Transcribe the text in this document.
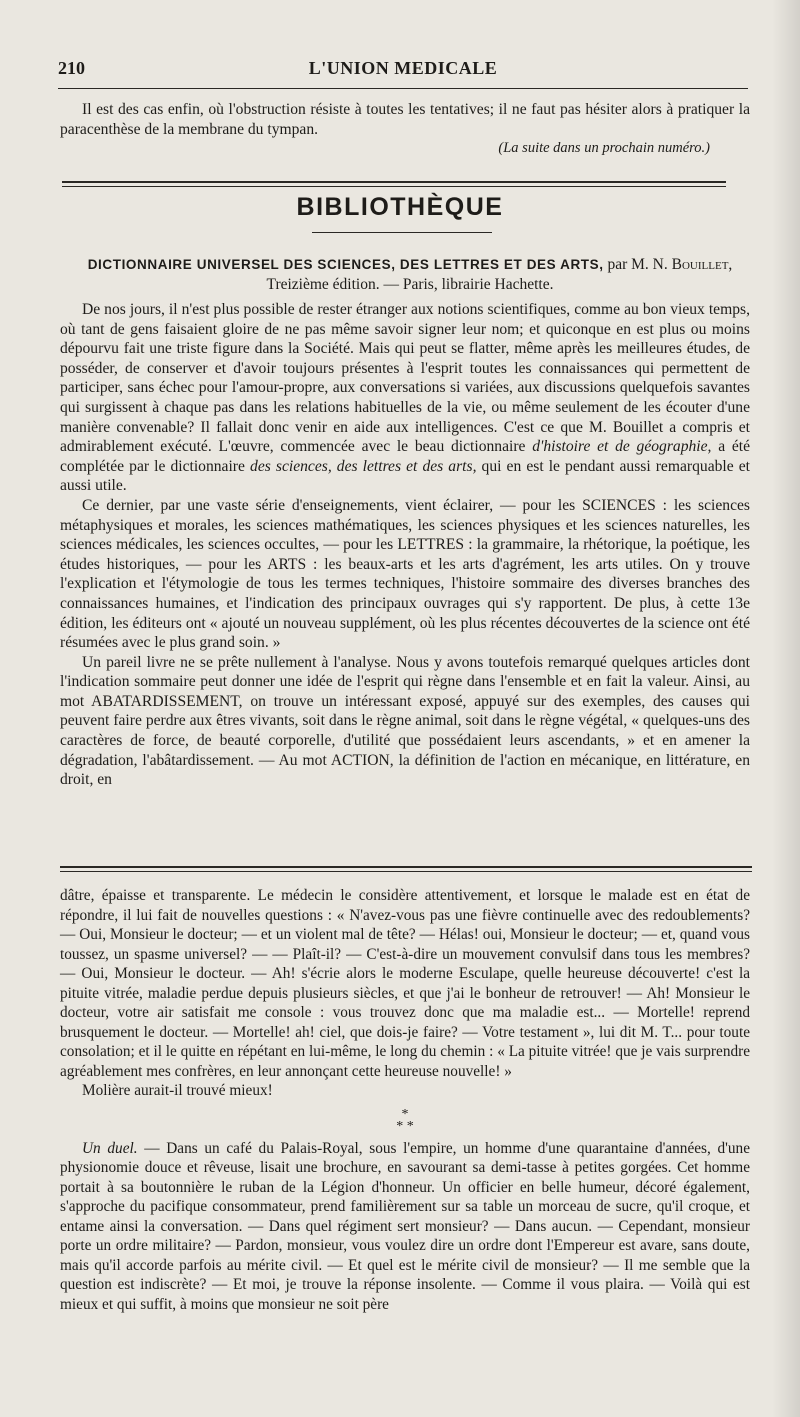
210	L'UNION MEDICALE

Il est des cas enfin, où l'obstruction résiste à toutes les tentatives; il ne faut pas hésiter alors à pratiquer la paracenthèse de la membrane du tympan.

(La suite dans un prochain numéro.)

BIBLIOTHÈQUE
DICTIONNAIRE UNIVERSEL DES SCIENCES, DES LETTRES ET DES ARTS, par M. N. Bouillet,
Treizième édition. — Paris, librairie Hachette.

De nos jours, il n'est plus possible de rester étranger aux notions scientifiques, comme au bon vieux temps, où tant de gens faisaient gloire de ne pas même savoir signer leur nom; et quiconque en est plus ou moins dépourvu fait une triste figure dans la Société. Mais qui peut se flatter, même après les meilleures études, de posséder, de conserver et d'avoir toujours présentes à l'esprit toutes les connaissances qui permettent de participer, sans échec pour l'amour-propre, aux conversations si variées, aux discussions quelquefois savantes qui surgissent à chaque pas dans les relations habituelles de la vie, ou même seulement de les écouter d'une manière convenable? Il fallait donc venir en aide aux intelligences. C'est ce que M. Bouillet a compris et admirablement exécuté. L'œuvre, commencée avec le beau dictionnaire d'histoire et de géographie, a été complétée par le dictionnaire des sciences, des lettres et des arts, qui en est le pendant aussi remarquable et aussi utile.

Ce dernier, par une vaste série d'enseignements, vient éclairer, — pour les SCIENCES : les sciences métaphysiques et morales, les sciences mathématiques, les sciences physiques et les sciences naturelles, les sciences médicales, les sciences occultes, — pour les LETTRES : la grammaire, la rhétorique, la poétique, les études historiques, — pour les ARTS : les beaux-arts et les arts d'agrément, les arts utiles. On y trouve l'explication et l'étymologie de tous les termes techniques, l'histoire sommaire des diverses branches des connaissances humaines, et l'indication des principaux ouvrages qui s'y rapportent. De plus, à cette 13e édition, les éditeurs ont « ajouté un nouveau supplément, où les plus récentes découvertes de la science ont été résumées avec le plus grand soin. »

Un pareil livre ne se prête nullement à l'analyse. Nous y avons toutefois remarqué quelques articles dont l'indication sommaire peut donner une idée de l'esprit qui règne dans l'ensemble et en fait la valeur. Ainsi, au mot ABATARDISSEMENT, on trouve un intéressant exposé, appuyé sur des exemples, des causes qui peuvent faire perdre aux êtres vivants, soit dans le règne animal, soit dans le règne végétal, « quelques-uns des caractères de force, de beauté corporelle, d'utilité que possédaient leurs ascendants, » et en amener la dégradation, l'abâtardissement. — Au mot ACTION, la définition de l'action en mécanique, en littérature, en droit, en

dâtre, épaisse et transparente. Le médecin le considère attentivement, et lorsque le malade est en état de répondre, il lui fait de nouvelles questions : « N'avez-vous pas une fièvre continuelle avec des redoublements? — Oui, Monsieur le docteur; — et un violent mal de tête? — Hélas! oui, Monsieur le docteur; — et, quand vous toussez, un spasme universel? — — Plaît-il? — C'est-à-dire un mouvement convulsif dans tous les membres? — Oui, Monsieur le docteur. — Ah! s'écrie alors le moderne Esculape, quelle heureuse découverte! c'est la pituite vitrée, maladie perdue depuis plusieurs siècles, et que j'ai le bonheur de retrouver! — Ah! Monsieur le docteur, votre air satisfait me console : vous trouvez donc que ma maladie est... — Mortelle! reprend brusquement le docteur. — Mortelle! ah! ciel, que dois-je faire? — Votre testament », lui dit M. T... pour toute consolation; et il le quitte en répétant en lui-même, le long du chemin : « La pituite vitrée! que je vais surprendre agréablement mes confrères, en leur annonçant cette heureuse nouvelle! »

Molière aurait-il trouvé mieux!

*
* *

Un duel. — Dans un café du Palais-Royal, sous l'empire, un homme d'une quarantaine d'années, d'une physionomie douce et rêveuse, lisait une brochure, en savourant sa demi-tasse à petites gorgées. Cet homme portait à sa boutonnière le ruban de la Légion d'honneur. Un officier en belle humeur, décoré également, s'approche du pacifique consommateur, prend familièrement sur sa table un morceau de sucre, qu'il croque, et entame ainsi la conversation. — Dans quel régiment sert monsieur? — Dans aucun. — Cependant, monsieur porte un ordre militaire? — Pardon, monsieur, vous voulez dire un ordre dont l'Empereur est avare, sans doute, mais qu'il accorde parfois au mérite civil. — Et quel est le mérite civil de monsieur? — Il me semble que la question est indiscrète? — Et moi, je trouve la réponse insolente. — Comme il vous plaira. — Voilà qui est mieux et qui suffit, à moins que monsieur ne soit père
